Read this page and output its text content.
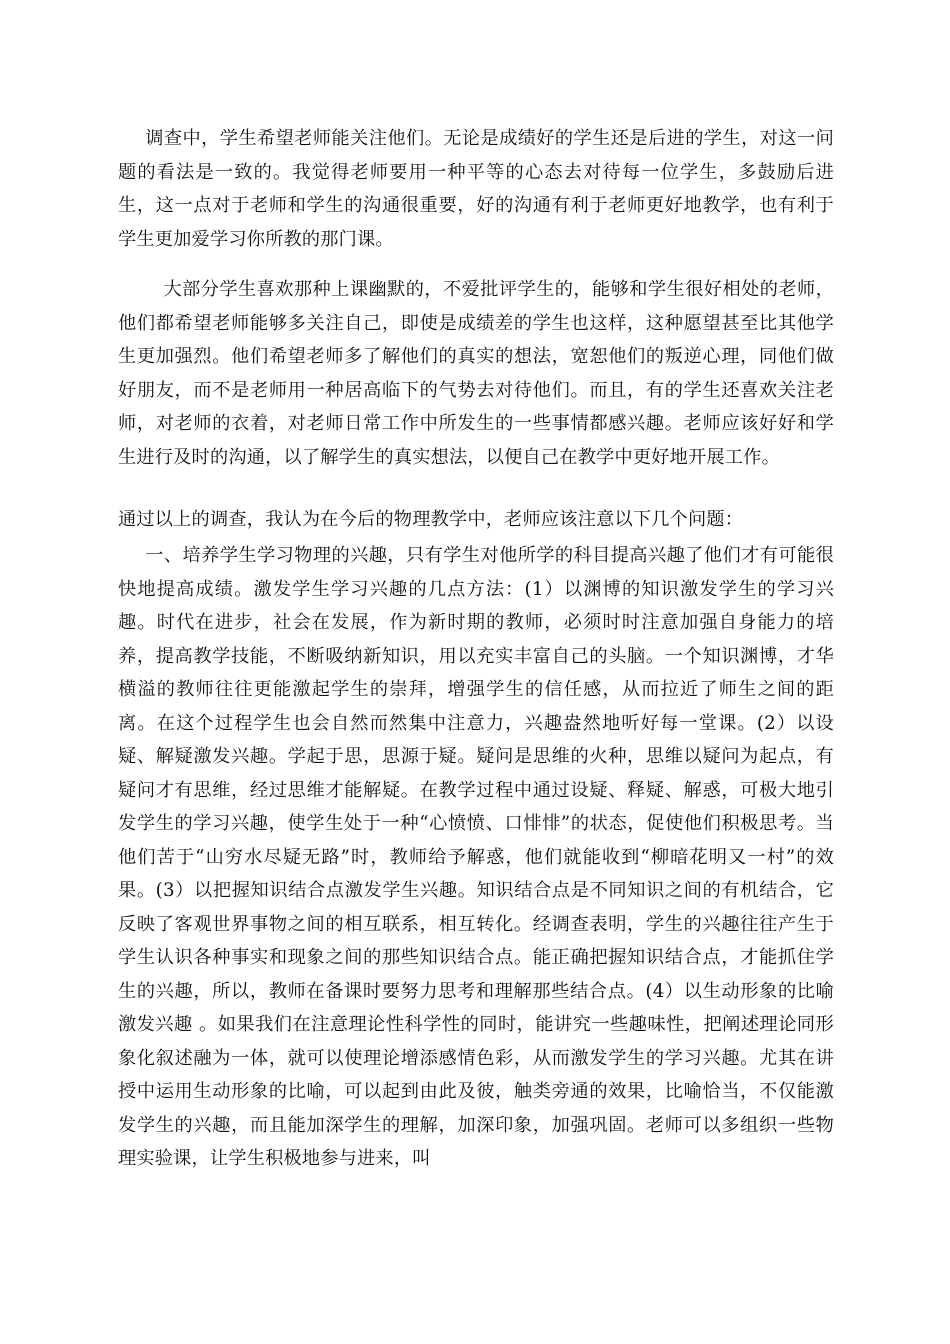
调查中，学生希望老师能关注他们。无论是成绩好的学生还是后进的学生，对这一问题的看法是一致的。我觉得老师要用一种平等的心态去对待每一位学生，多鼓励后进生，这一点对于老师和学生的沟通很重要，好的沟通有利于老师更好地教学，也有利于学生更加爱学习你所教的那门课。

大部分学生喜欢那种上课幽默的，不爱批评学生的，能够和学生很好相处的老师，他们都希望老师能够多关注自己，即使是成绩差的学生也这样，这种愿望甚至比其他学生更加强烈。他们希望老师多了解他们的真实的想法，宽恕他们的叛逆心理，同他们做好朋友，而不是老师用一种居高临下的气势去对待他们。而且，有的学生还喜欢关注老师，对老师的衣着，对老师日常工作中所发生的一些事情都感兴趣。老师应该好好和学生进行及时的沟通，以了解学生的真实想法，以便自己在教学中更好地开展工作。

通过以上的调查，我认为在今后的物理教学中，老师应该注意以下几个问题：

一、培养学生学习物理的兴趣，只有学生对他所学的科目提高兴趣了他们才有可能很快地提高成绩。激发学生学习兴趣的几点方法：(1）以渊博的知识激发学生的学习兴趣。时代在进步，社会在发展，作为新时期的教师，必须时时注意加强自身能力的培养，提高教学技能，不断吸纳新知识，用以充实丰富自己的头脑。一个知识渊博，才华横溢的教师往往更能激起学生的崇拜，增强学生的信任感，从而拉近了师生之间的距离。在这个过程学生也会自然而然集中注意力，兴趣盎然地听好每一堂课。(2）以设疑、解疑激发兴趣。学起于思，思源于疑。疑问是思维的火种，思维以疑问为起点，有疑问才有思维，经过思维才能解疑。在教学过程中通过设疑、释疑、解惑，可极大地引发学生的学习兴趣，使学生处于一种“心愤愤、口悱悱”的状态，促使他们积极思考。当他们苦于“山穷水尽疑无路”时，教师给予解惑，他们就能收到“柳暗花明又一村”的效果。(3）以把握知识结合点激发学生兴趣。知识结合点是不同知识之间的有机结合，它反映了客观世界事物之间的相互联系，相互转化。经调查表明，学生的兴趣往往产生于学生认识各种事实和现象之间的那些知识结合点。能正确把握知识结合点，才能抓住学生的兴趣，所以，教师在备课时要努力思考和理解那些结合点。(4）以生动形象的比喻激发兴趣 。如果我们在注意理论性科学性的同时，能讲究一些趣味性，把阐述理论同形象化叙述融为一体，就可以使理论增添感情色彩，从而激发学生的学习兴趣。尤其在讲授中运用生动形象的比喻，可以起到由此及彼，触类旁通的效果，比喻恰当，不仅能激发学生的兴趣，而且能加深学生的理解，加深印象，加强巩固。老师可以多组织一些物理实验课，让学生积极地参与进来，叫
